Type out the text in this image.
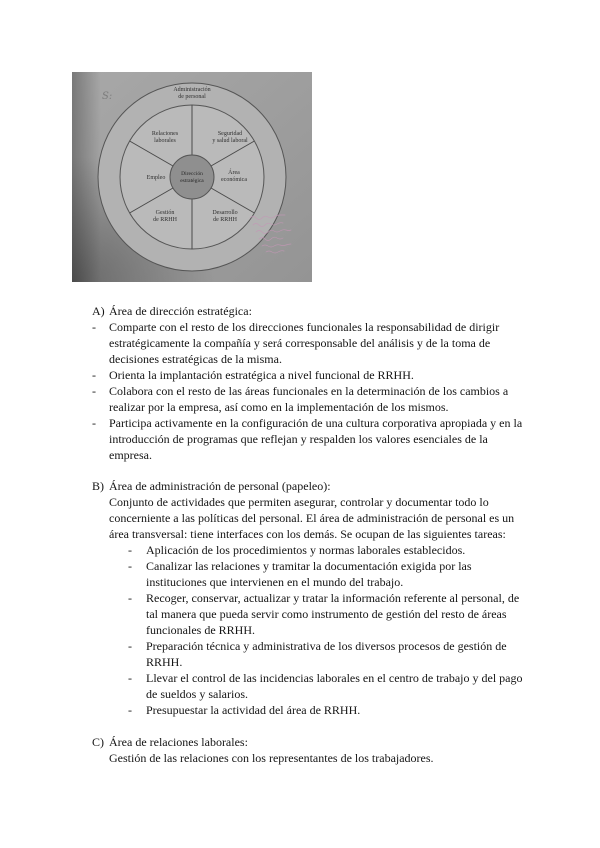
S:
Administración
de personal
Dirección
estratégica
Relaciones
laborales
Seguridad
y salud laboral
Empleo
Área
económica
Gestión
de RRHH
Desarrollo
de RRHH
A) Área de dirección estratégica:
- Comparte con el resto de los direcciones funcionales la responsabilidad de dirigir
estratégicamente la compañía y será corresponsable del análisis y de la toma de
decisiones estratégicas de la misma.
- Orienta la implantación estratégica a nivel funcional de RRHH.
- Colabora con el resto de las áreas funcionales en la determinación de los cambios a
realizar por la empresa, así como en la implementación de los mismos.
- Participa activamente en la configuración de una cultura corporativa apropiada y en la
introducción de programas que reflejan y respalden los valores esenciales de la
empresa.
B) Área de administración de personal (papeleo):
Conjunto de actividades que permiten asegurar, controlar y documentar todo lo
concerniente a las políticas del personal. El área de administración de personal es un
área transversal: tiene interfaces con los demás. Se ocupan de las siguientes tareas:
- Aplicación de los procedimientos y normas laborales establecidos.
- Canalizar las relaciones y tramitar la documentación exigida por las
instituciones que intervienen en el mundo del trabajo.
- Recoger, conservar, actualizar y tratar la información referente al personal, de
tal manera que pueda servir como instrumento de gestión del resto de áreas
funcionales de RRHH.
- Preparación técnica y administrativa de los diversos procesos de gestión de
RRHH.
- Llevar el control de las incidencias laborales en el centro de trabajo y del pago
de sueldos y salarios.
- Presupuestar la actividad del área de RRHH.
C) Área de relaciones laborales:
Gestión de las relaciones con los representantes de los trabajadores.
